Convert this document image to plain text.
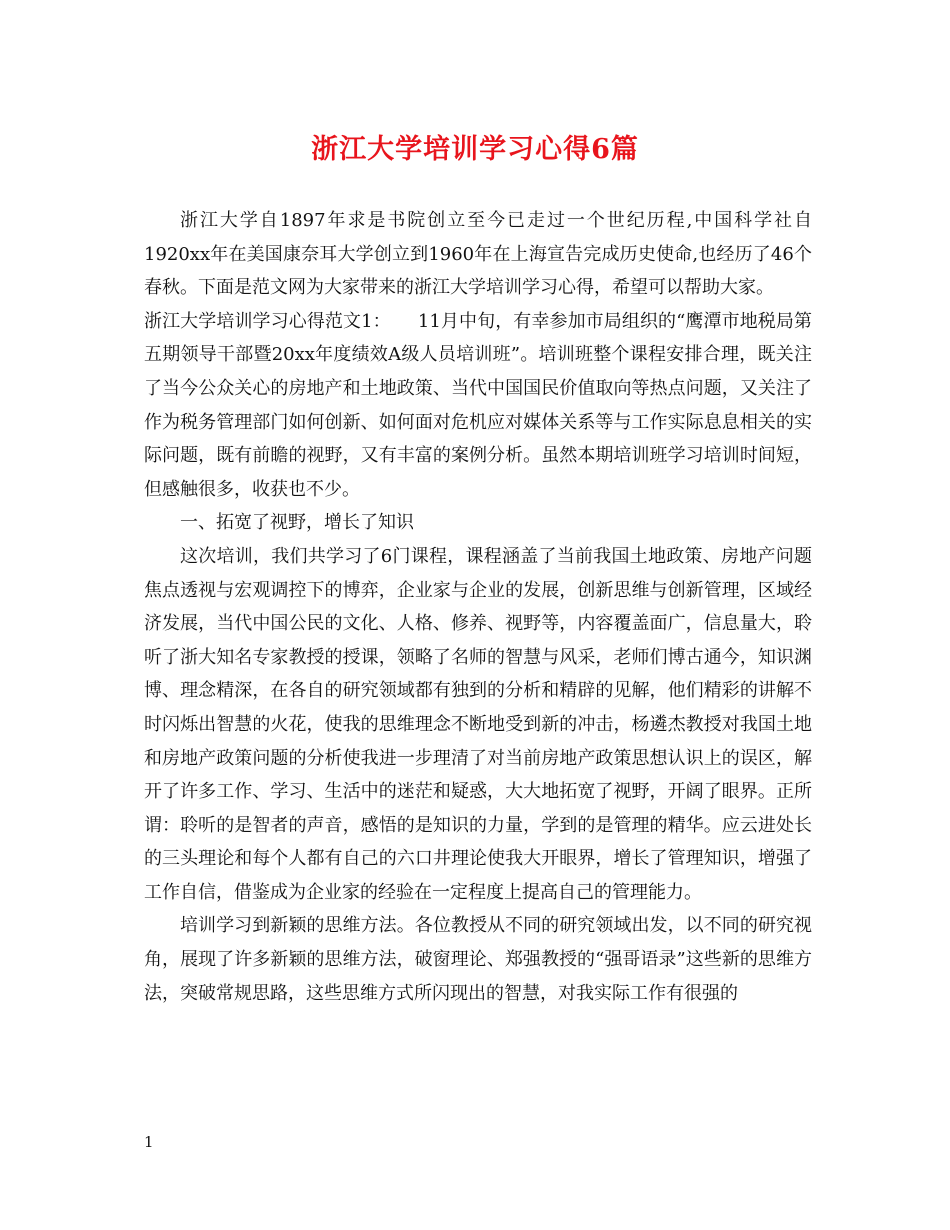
浙江大学培训学习心得6篇

浙江大学自1897年求是书院创立至今已走过一个世纪历程,中国科学社自1920xx年在美国康奈耳大学创立到1960年在上海宣告完成历史使命,也经历了46个春秋。下面是范文网为大家带来的浙江大学培训学习心得，希望可以帮助大家。

浙江大学培训学习心得范文1：　　11月中旬，有幸参加市局组织的“鹰潭市地税局第五期领导干部暨20xx年度绩效A级人员培训班”。培训班整个课程安排合理，既关注了当今公众关心的房地产和土地政策、当代中国国民价值取向等热点问题，又关注了作为税务管理部门如何创新、如何面对危机应对媒体关系等与工作实际息息相关的实际问题，既有前瞻的视野，又有丰富的案例分析。虽然本期培训班学习培训时间短，但感触很多，收获也不少。

一、拓宽了视野，增长了知识

这次培训，我们共学习了6门课程，课程涵盖了当前我国土地政策、房地产问题焦点透视与宏观调控下的博弈，企业家与企业的发展，创新思维与创新管理，区域经济发展，当代中国公民的文化、人格、修养、视野等，内容覆盖面广，信息量大，聆听了浙大知名专家教授的授课，领略了名师的智慧与风采，老师们博古通今，知识渊博、理念精深，在各自的研究领域都有独到的分析和精辟的见解，他们精彩的讲解不时闪烁出智慧的火花，使我的思维理念不断地受到新的冲击，杨遴杰教授对我国土地和房地产政策问题的分析使我进一步理清了对当前房地产政策思想认识上的误区，解开了许多工作、学习、生活中的迷茫和疑惑，大大地拓宽了视野，开阔了眼界。正所谓：聆听的是智者的声音，感悟的是知识的力量，学到的是管理的精华。应云进处长的三头理论和每个人都有自己的六口井理论使我大开眼界，增长了管理知识，增强了工作自信，借鉴成为企业家的经验在一定程度上提高自己的管理能力。

培训学习到新颖的思维方法。各位教授从不同的研究领域出发，以不同的研究视角，展现了许多新颖的思维方法，破窗理论、郑强教授的“强哥语录”这些新的思维方法，突破常规思路，这些思维方式所闪现出的智慧，对我实际工作有很强的

1
